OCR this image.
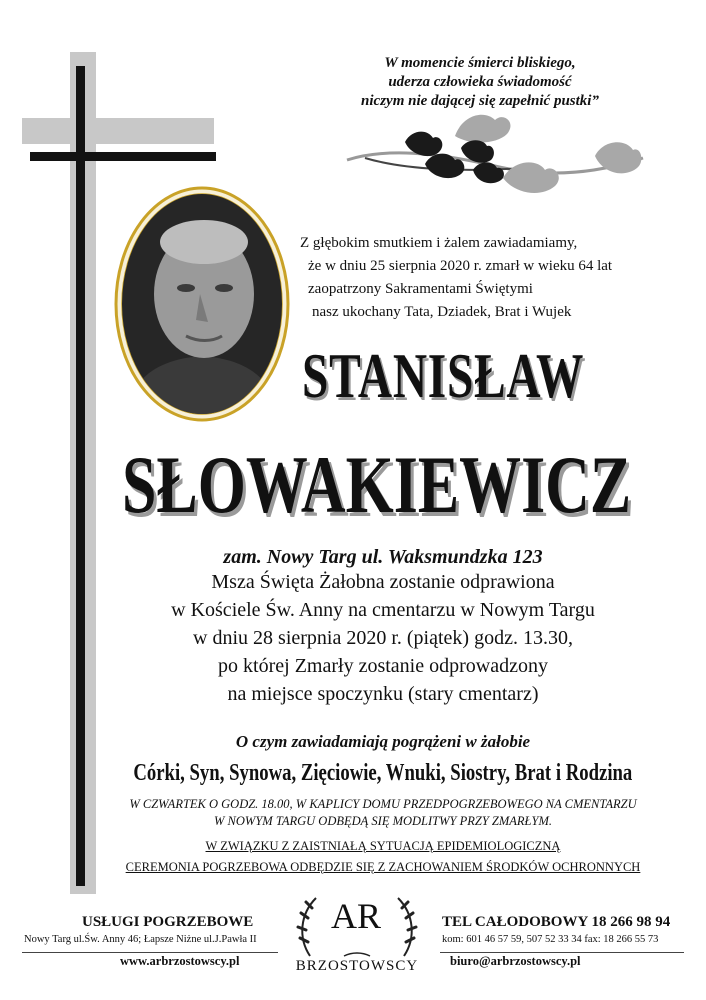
W momencie śmierci bliskiego,
uderza człowieka świadomość
niczym nie dającej się zapełnić pustki”
Z głębokim smutkiem i żalem zawiadamiamy,
że w dniu 25 sierpnia 2020 r. zmarł w wieku 64 lat
zaopatrzony Sakramentami Świętymi
nasz ukochany Tata, Dziadek, Brat i Wujek
STANISŁAW
SŁOWAKIEWICZ
zam. Nowy Targ ul. Waksmundzka 123
Msza Święta Żałobna zostanie odprawiona
w Kościele Św. Anny na cmentarzu w Nowym Targu
w dniu 28 sierpnia 2020 r. (piątek) godz. 13.30,
po której Zmarły zostanie odprowadzony
na miejsce spoczynku (stary cmentarz)
O czym zawiadamiają pogrążeni w żałobie
Córki, Syn, Synowa, Zięciowie, Wnuki, Siostry, Brat i Rodzina
W CZWARTEK O GODZ. 18.00, W KAPLICY DOMU PRZEDPOGRZEBOWEGO NA CMENTARZU
W NOWYM TARGU ODBĘDĄ SIĘ MODLITWY PRZY ZMARŁYM.
W ZWIĄZKU Z ZAISTNIAŁĄ SYTUACJĄ EPIDEMIOLOGICZNĄ
CEREMONIA POGRZEBOWA ODBĘDZIE SIĘ Z ZACHOWANIEM ŚRODKÓW OCHRONNYCH
USŁUGI POGRZEBOWE
Nowy Targ ul.Św. Anny 46; Łapsze Niżne ul.J.Pawła II
www.arbrzostowscy.pl
AR
BRZOSTOWSCY
TEL CAŁODOBOWY 18 266 98 94
kom: 601 46 57 59, 507 52 33 34 fax: 18 266 55 73
biuro@arbrzostowscy.pl
